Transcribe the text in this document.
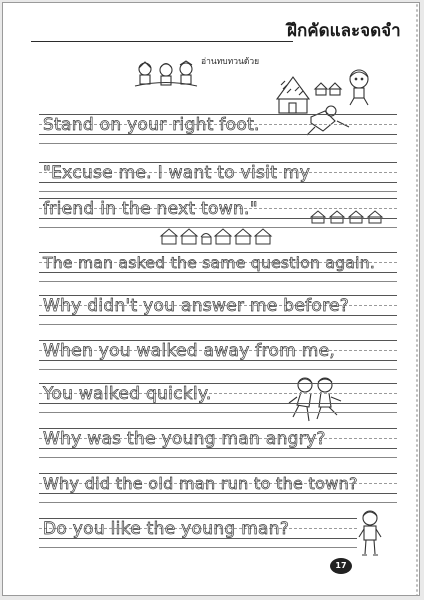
ฝึกคัดและจดจำ
อ่านทบทวนด้วย
Stand on your right foot.
"Excuse me. I want to visit my
friend in the next town."
The man asked the same question again.
Why didn't you answer me before?
When you walked away from me,
You walked quickly.
Why was the young man angry?
Why did the old man run to the town?
Do you like the young man?
17
